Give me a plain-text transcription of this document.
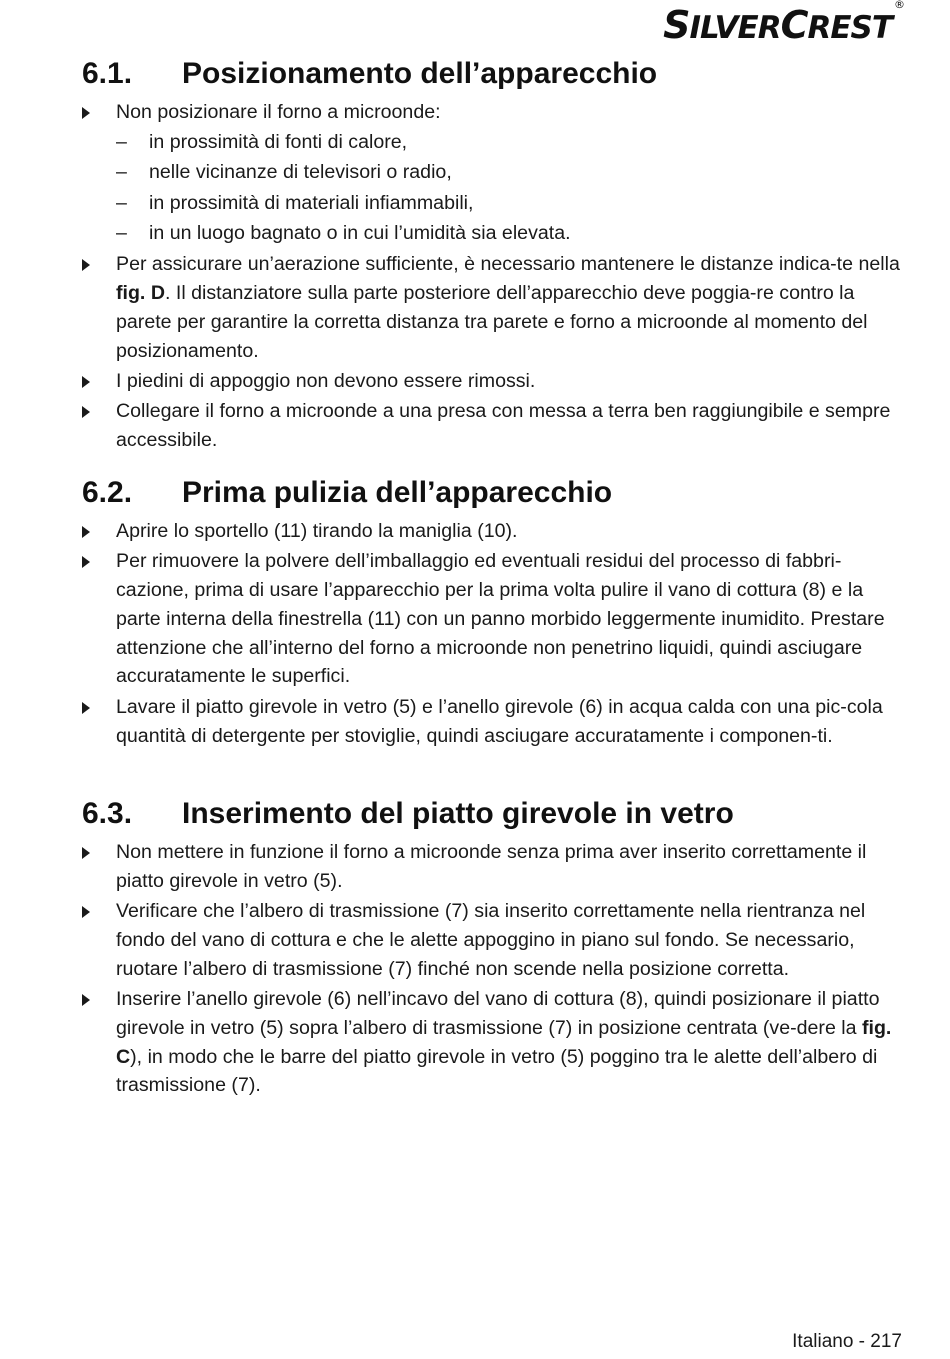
SILVERCREST®
6.1.	Posizionamento dell’apparecchio
Non posizionare il forno a microonde:
– in prossimità di fonti di calore,
– nelle vicinanze di televisori o radio,
– in prossimità di materiali infiammabili,
– in un luogo bagnato o in cui l’umidità sia elevata.
Per assicurare un’aerazione sufficiente, è necessario mantenere le distanze indica-te nella fig. D. Il distanziatore sulla parte posteriore dell’apparecchio deve poggia-re contro la parete per garantire la corretta distanza tra parete e forno a microonde al momento del posizionamento.
I piedini di appoggio non devono essere rimossi.
Collegare il forno a microonde a una presa con messa a terra ben raggiungibile e sempre accessibile.
6.2.	Prima pulizia dell’apparecchio
Aprire lo sportello (11) tirando la maniglia (10).
Per rimuovere la polvere dell’imballaggio ed eventuali residui del processo di fabbri-cazione, prima di usare l’apparecchio per la prima volta pulire il vano di cottura (8) e la parte interna della finestrella (11) con un panno morbido leggermente inumidito. Prestare attenzione che all’interno del forno a microonde non penetrino liquidi, quindi asciugare accuratamente le superfici.
Lavare il piatto girevole in vetro (5) e l’anello girevole (6) in acqua calda con una pic-cola quantità di detergente per stoviglie, quindi asciugare accuratamente i componen-ti.
6.3.	Inserimento del piatto girevole in vetro
Non mettere in funzione il forno a microonde senza prima aver inserito correttamente il piatto girevole in vetro (5).
Verificare che l’albero di trasmissione (7) sia inserito correttamente nella rientranza nel fondo del vano di cottura e che le alette appoggino in piano sul fondo. Se necessario, ruotare l’albero di trasmissione (7) finché non scende nella posizione corretta.
Inserire l’anello girevole (6) nell’incavo del vano di cottura (8), quindi posizionare il piatto girevole in vetro (5) sopra l’albero di trasmissione (7) in posizione centrata (ve-dere la fig. C), in modo che le barre del piatto girevole in vetro (5) poggino tra le alette dell’albero di trasmissione (7).
Italiano - 217
